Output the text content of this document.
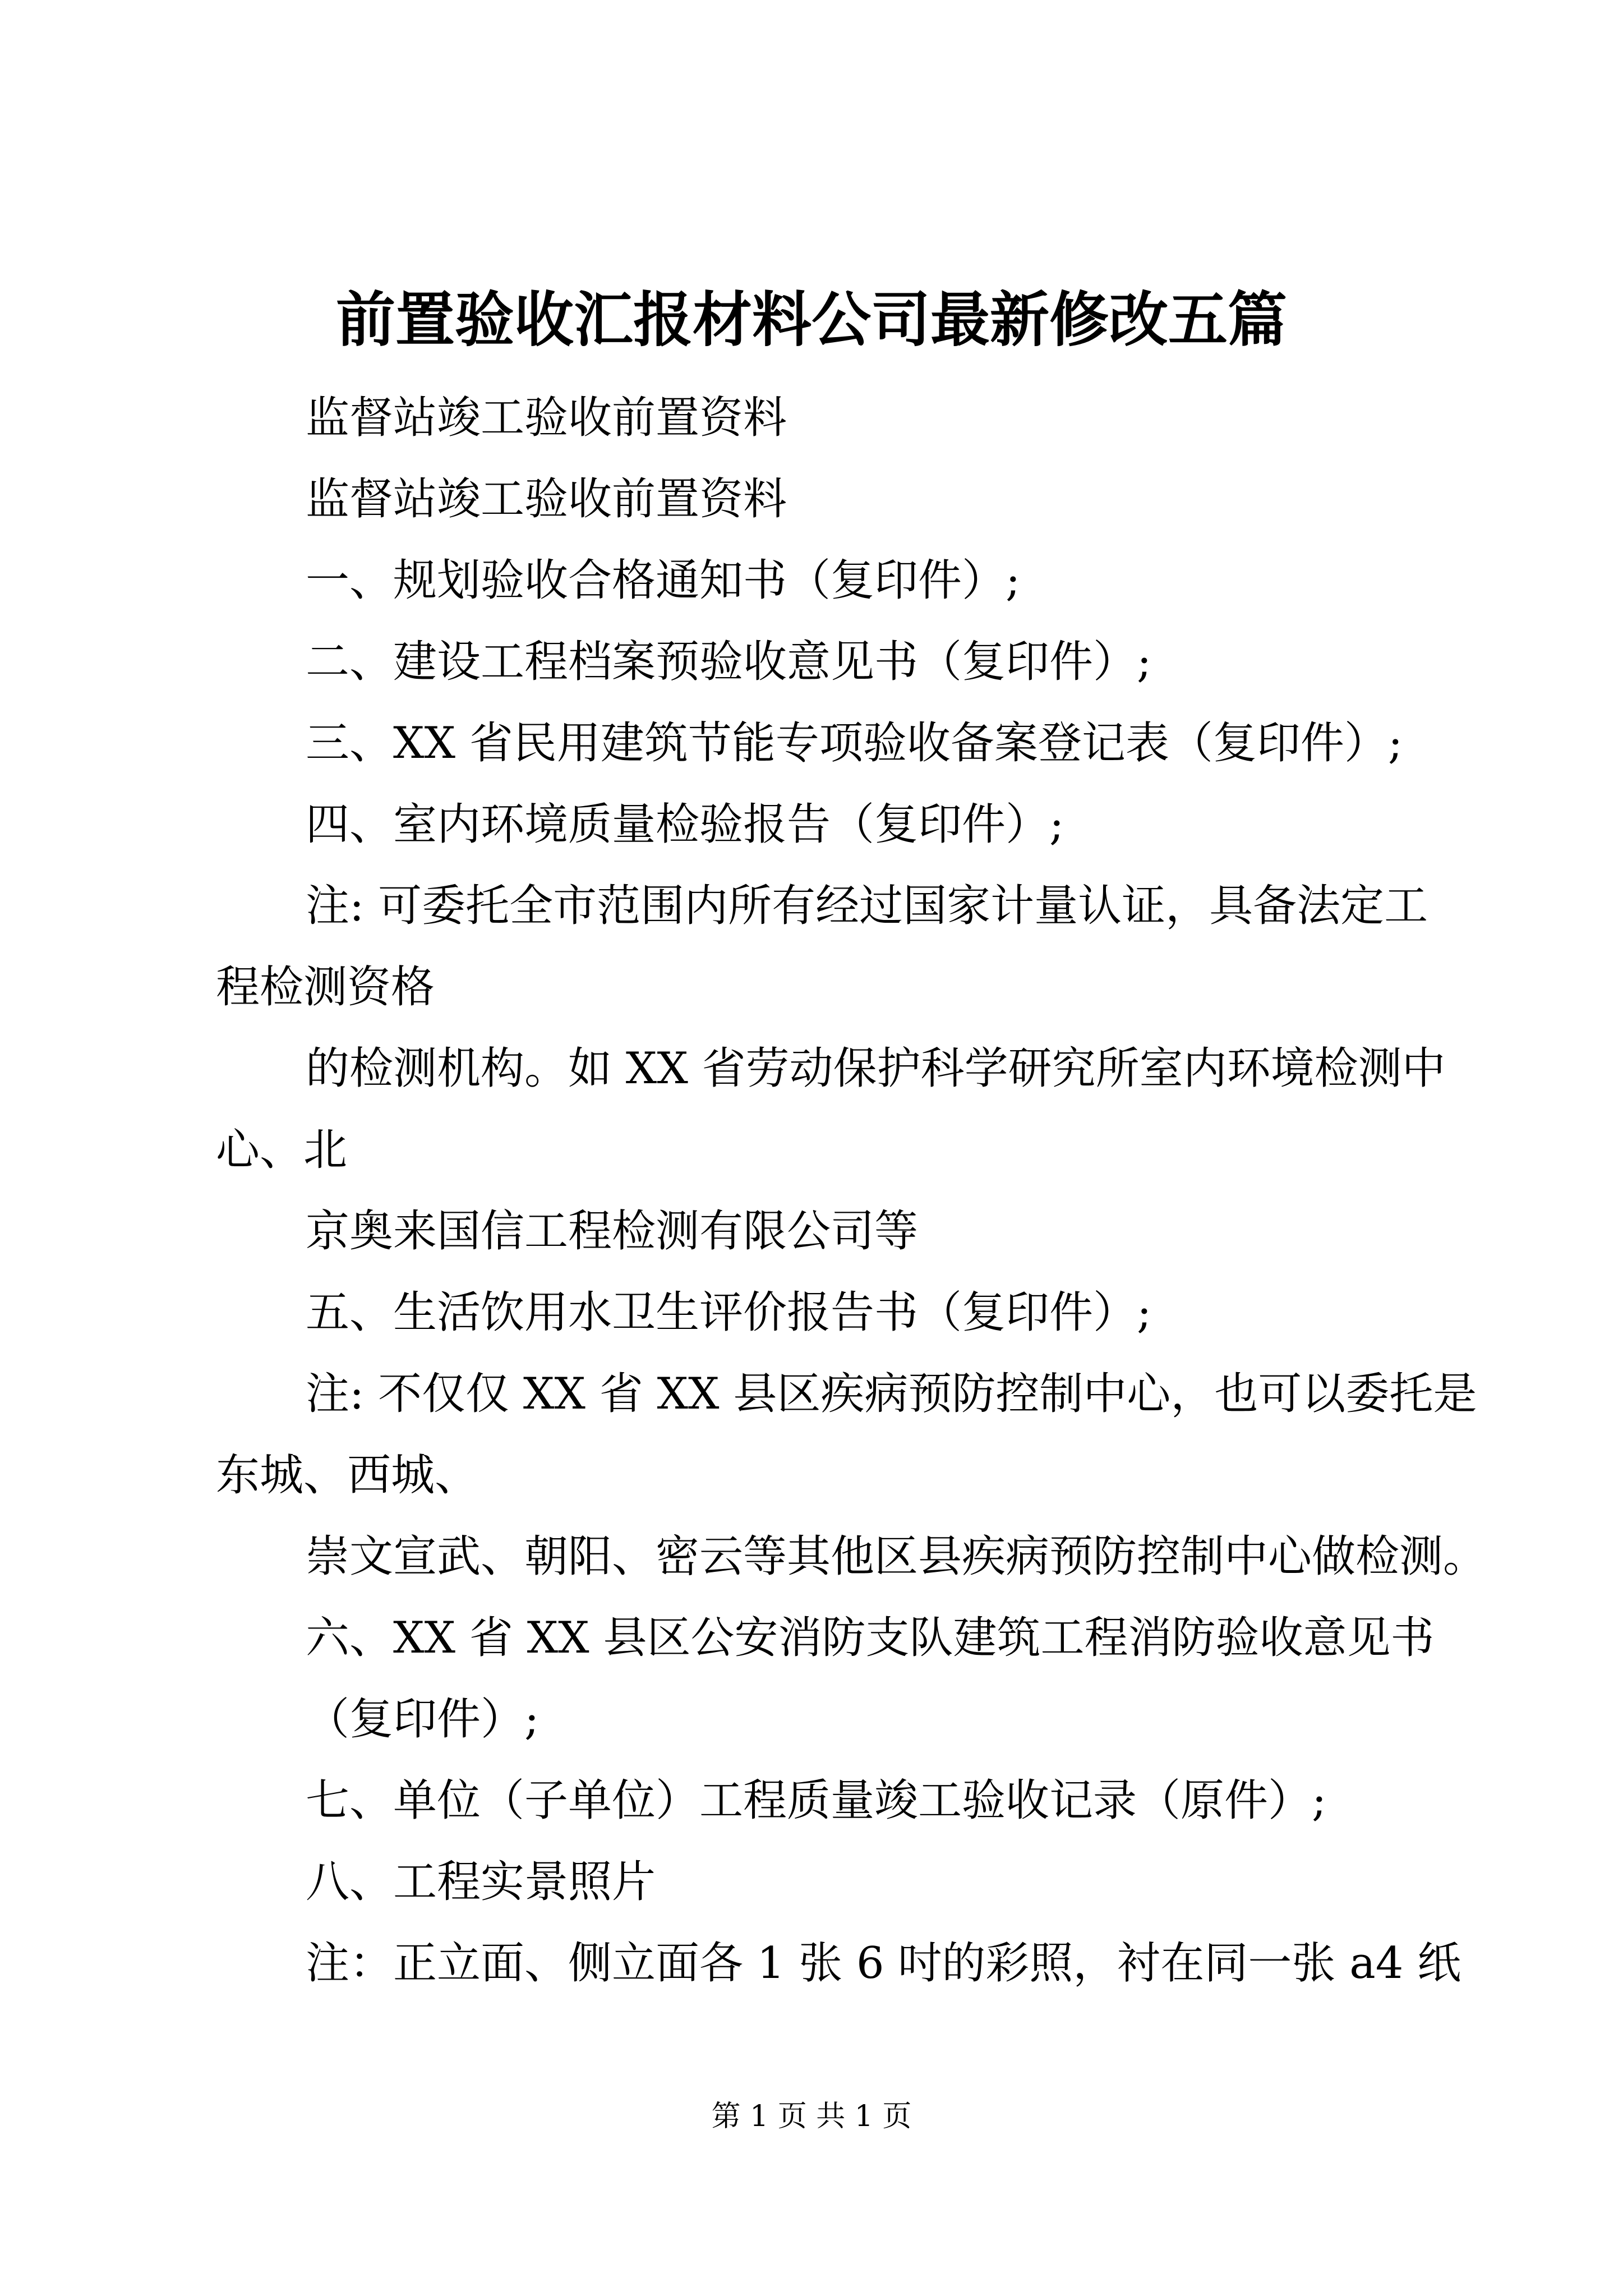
前置验收汇报材料公司最新修改五篇
监督站竣工验收前置资料
监督站竣工验收前置资料
一、规划验收合格通知书（复印件）;
二、建设工程档案预验收意见书（复印件）;
三、XX 省民用建筑节能专项验收备案登记表（复印件）;
四、室内环境质量检验报告（复印件）;
注: 可委托全市范围内所有经过国家计量认证，具备法定工
程检测资格
的检测机构。如 XX 省劳动保护科学研究所室内环境检测中
心、北
京奥来国信工程检测有限公司等
五、生活饮用水卫生评价报告书（复印件）;
注: 不仅仅 XX 省 XX 县区疾病预防控制中心，也可以委托是
东城、西城、
崇文宣武、朝阳、密云等其他区县疾病预防控制中心做检测。
六、XX 省 XX 县区公安消防支队建筑工程消防验收意见书
（复印件）;
七、单位（子单位）工程质量竣工验收记录（原件）;
八、工程实景照片
注：正立面、侧立面各 1 张 6 吋的彩照，衬在同一张 a4 纸
第 1 页 共 1 页
